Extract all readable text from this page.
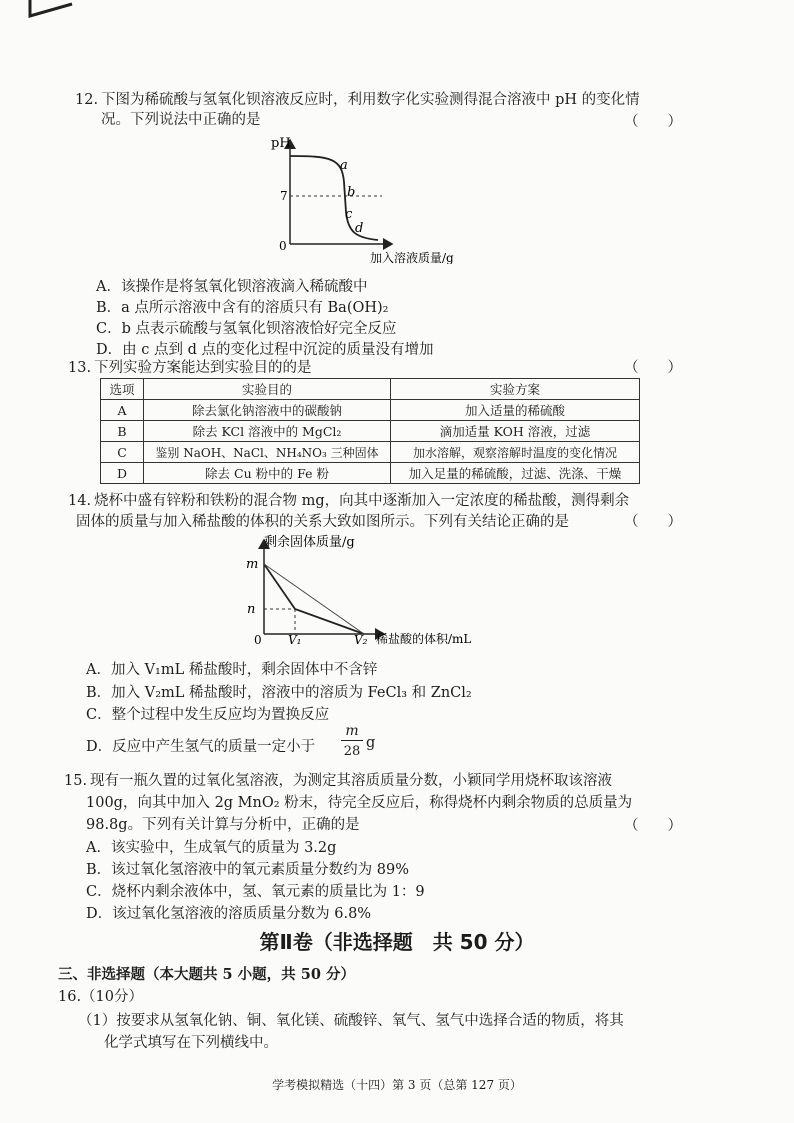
12. 下图为稀硫酸与氢氧化钡溶液反应时，利用数字化实验测得混合溶液中 pH 的变化情
况。下列说法中正确的是	（　　）
pH
7
0
a
b
c
d
加入溶液质量/g
A．该操作是将氢氧化钡溶液滴入稀硫酸中
B．a 点所示溶液中含有的溶质只有 Ba(OH)₂
C．b 点表示硫酸与氢氧化钡溶液恰好完全反应
D．由 c 点到 d 点的变化过程中沉淀的质量没有增加
13. 下列实验方案能达到实验目的的是	（　　）
选项	实验目的	实验方案
A	除去氯化钠溶液中的碳酸钠	加入适量的稀硫酸
B	除去 KCl 溶液中的 MgCl₂	滴加适量 KOH 溶液，过滤
C	鉴别 NaOH、NaCl、NH₄NO₃ 三种固体	加水溶解，观察溶解时温度的变化情况
D	除去 Cu 粉中的 Fe 粉	加入足量的稀硫酸，过滤、洗涤、干燥
14. 烧杯中盛有锌粉和铁粉的混合物 mg，向其中逐渐加入一定浓度的稀盐酸，测得剩余
固体的质量与加入稀盐酸的体积的关系大致如图所示。下列有关结论正确的是	（　　）
剩余固体质量/g
m
n
0 V₁	V₂ 稀盐酸的体积/mL
A．加入 V₁mL 稀盐酸时，剩余固体中不含锌
B．加入 V₂mL 稀盐酸时，溶液中的溶质为 FeCl₃ 和 ZnCl₂
C．整个过程中发生反应均为置换反应
D．反应中产生氢气的质量一定小于
m
28
g
15. 现有一瓶久置的过氧化氢溶液，为测定其溶质质量分数，小颖同学用烧杯取该溶液
100g，向其中加入 2g MnO₂ 粉末，待完全反应后，称得烧杯内剩余物质的总质量为
98.8g。下列有关计算与分析中，正确的是	（　　）
A．该实验中，生成氧气的质量为 3.2g
B．该过氧化氢溶液中的氧元素质量分数约为 89%
C．烧杯内剩余液体中，氢、氧元素的质量比为 1：9
D．该过氧化氢溶液的溶质质量分数为 6.8%
第Ⅱ卷（非选择题　共 50 分）
三、非选择题（本大题共 5 小题，共 50 分）
16.（10分）
（1）按要求从氢氧化钠、铜、氧化镁、硫酸锌、氧气、氢气中选择合适的物质，将其
化学式填写在下列横线中。
学考模拟精选（十四）第 3 页（总第 127 页）
